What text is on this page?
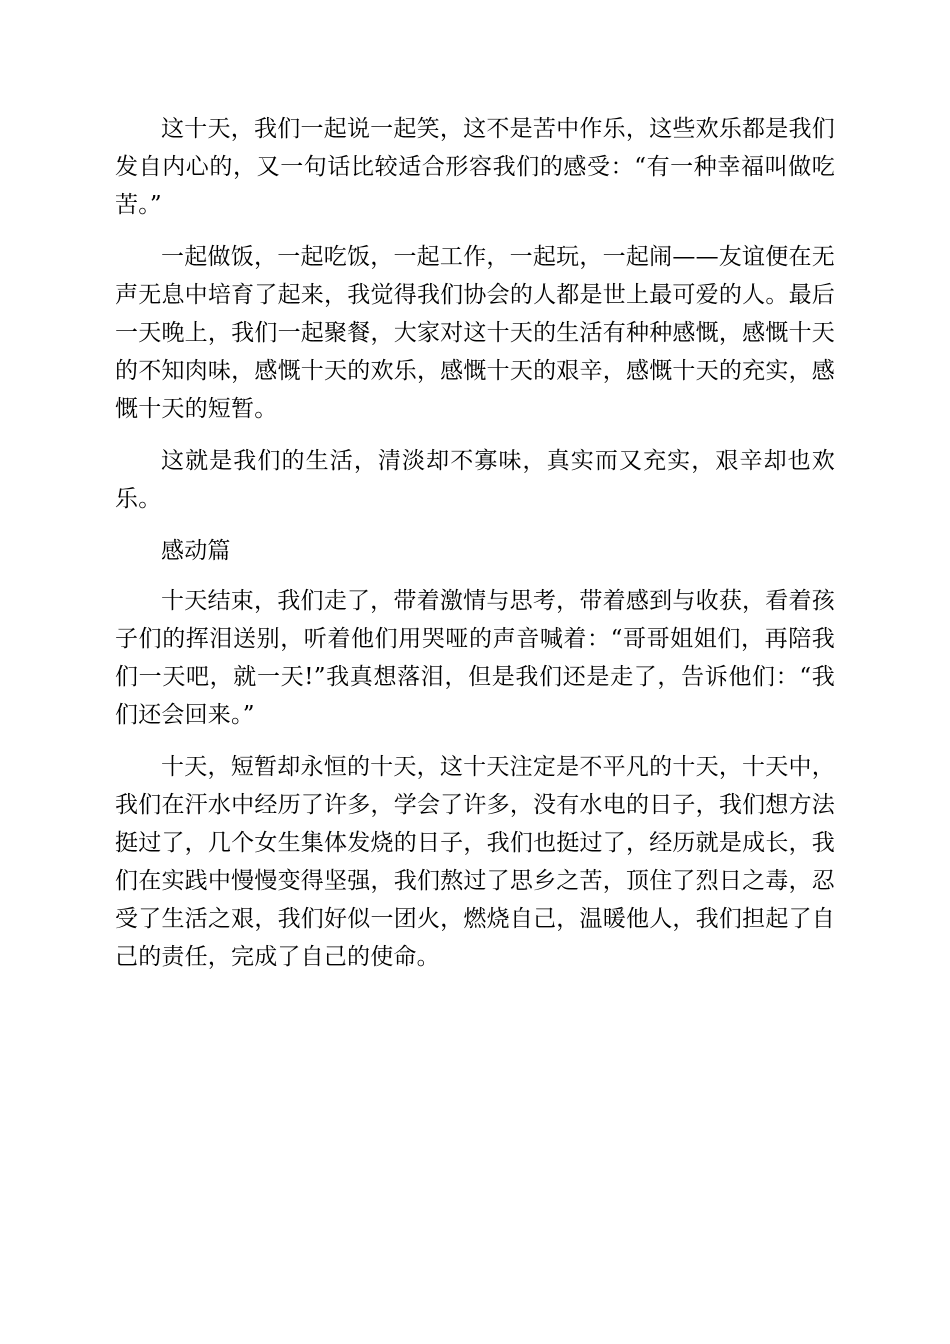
这十天，我们一起说一起笑，这不是苦中作乐，这些欢乐都是我们发自内心的，又一句话比较适合形容我们的感受：“有一种幸福叫做吃苦。”

一起做饭，一起吃饭，一起工作，一起玩，一起闹——友谊便在无声无息中培育了起来，我觉得我们协会的人都是世上最可爱的人。最后一天晚上，我们一起聚餐，大家对这十天的生活有种种感慨，感慨十天的不知肉味，感慨十天的欢乐，感慨十天的艰辛，感慨十天的充实，感慨十天的短暂。

这就是我们的生活，清淡却不寡味，真实而又充实，艰辛却也欢乐。

感动篇

十天结束，我们走了，带着激情与思考，带着感到与收获，看着孩子们的挥泪送别，听着他们用哭哑的声音喊着：“哥哥姐姐们，再陪我们一天吧，就一天!”我真想落泪，但是我们还是走了，告诉他们：“我们还会回来。”

十天，短暂却永恒的十天，这十天注定是不平凡的十天，十天中，我们在汗水中经历了许多，学会了许多，没有水电的日子，我们想方法挺过了，几个女生集体发烧的日子，我们也挺过了，经历就是成长，我们在实践中慢慢变得坚强，我们熬过了思乡之苦，顶住了烈日之毒，忍受了生活之艰，我们好似一团火，燃烧自己，温暖他人，我们担起了自己的责任，完成了自己的使命。
